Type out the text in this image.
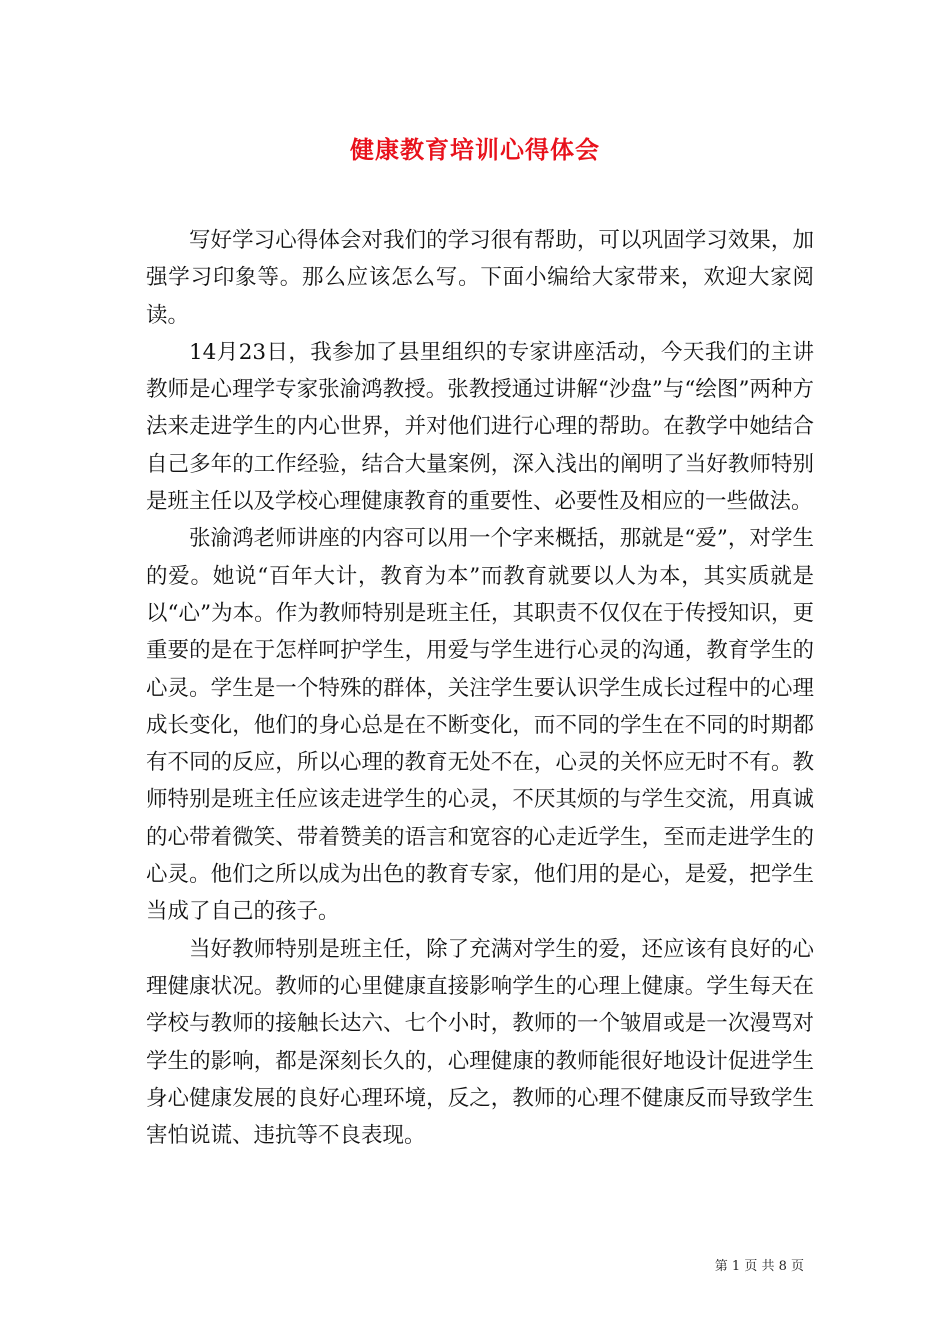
健康教育培训心得体会

写好学习心得体会对我们的学习很有帮助，可以巩固学习效果，加强学习印象等。那么应该怎么写。下面小编给大家带来，欢迎大家阅读。

14月23日，我参加了县里组织的专家讲座活动，今天我们的主讲教师是心理学专家张渝鸿教授。张教授通过讲解“沙盘”与“绘图”两种方法来走进学生的内心世界，并对他们进行心理的帮助。在教学中她结合自己多年的工作经验，结合大量案例，深入浅出的阐明了当好教师特别是班主任以及学校心理健康教育的重要性、必要性及相应的一些做法。

张渝鸿老师讲座的内容可以用一个字来概括，那就是“爱”，对学生的爱。她说“百年大计，教育为本”而教育就要以人为本，其实质就是以“心”为本。作为教师特别是班主任，其职责不仅仅在于传授知识，更重要的是在于怎样呵护学生，用爱与学生进行心灵的沟通，教育学生的心灵。学生是一个特殊的群体，关注学生要认识学生成长过程中的心理成长变化，他们的身心总是在不断变化，而不同的学生在不同的时期都有不同的反应，所以心理的教育无处不在，心灵的关怀应无时不有。教师特别是班主任应该走进学生的心灵，不厌其烦的与学生交流，用真诚的心带着微笑、带着赞美的语言和宽容的心走近学生，至而走进学生的心灵。他们之所以成为出色的教育专家，他们用的是心，是爱，把学生当成了自己的孩子。

当好教师特别是班主任，除了充满对学生的爱，还应该有良好的心理健康状况。教师的心里健康直接影响学生的心理上健康。学生每天在学校与教师的接触长达六、七个小时，教师的一个皱眉或是一次漫骂对学生的影响，都是深刻长久的，心理健康的教师能很好地设计促进学生身心健康发展的良好心理环境，反之，教师的心理不健康反而导致学生害怕说谎、违抗等不良表现。

第 1 页 共 8 页
